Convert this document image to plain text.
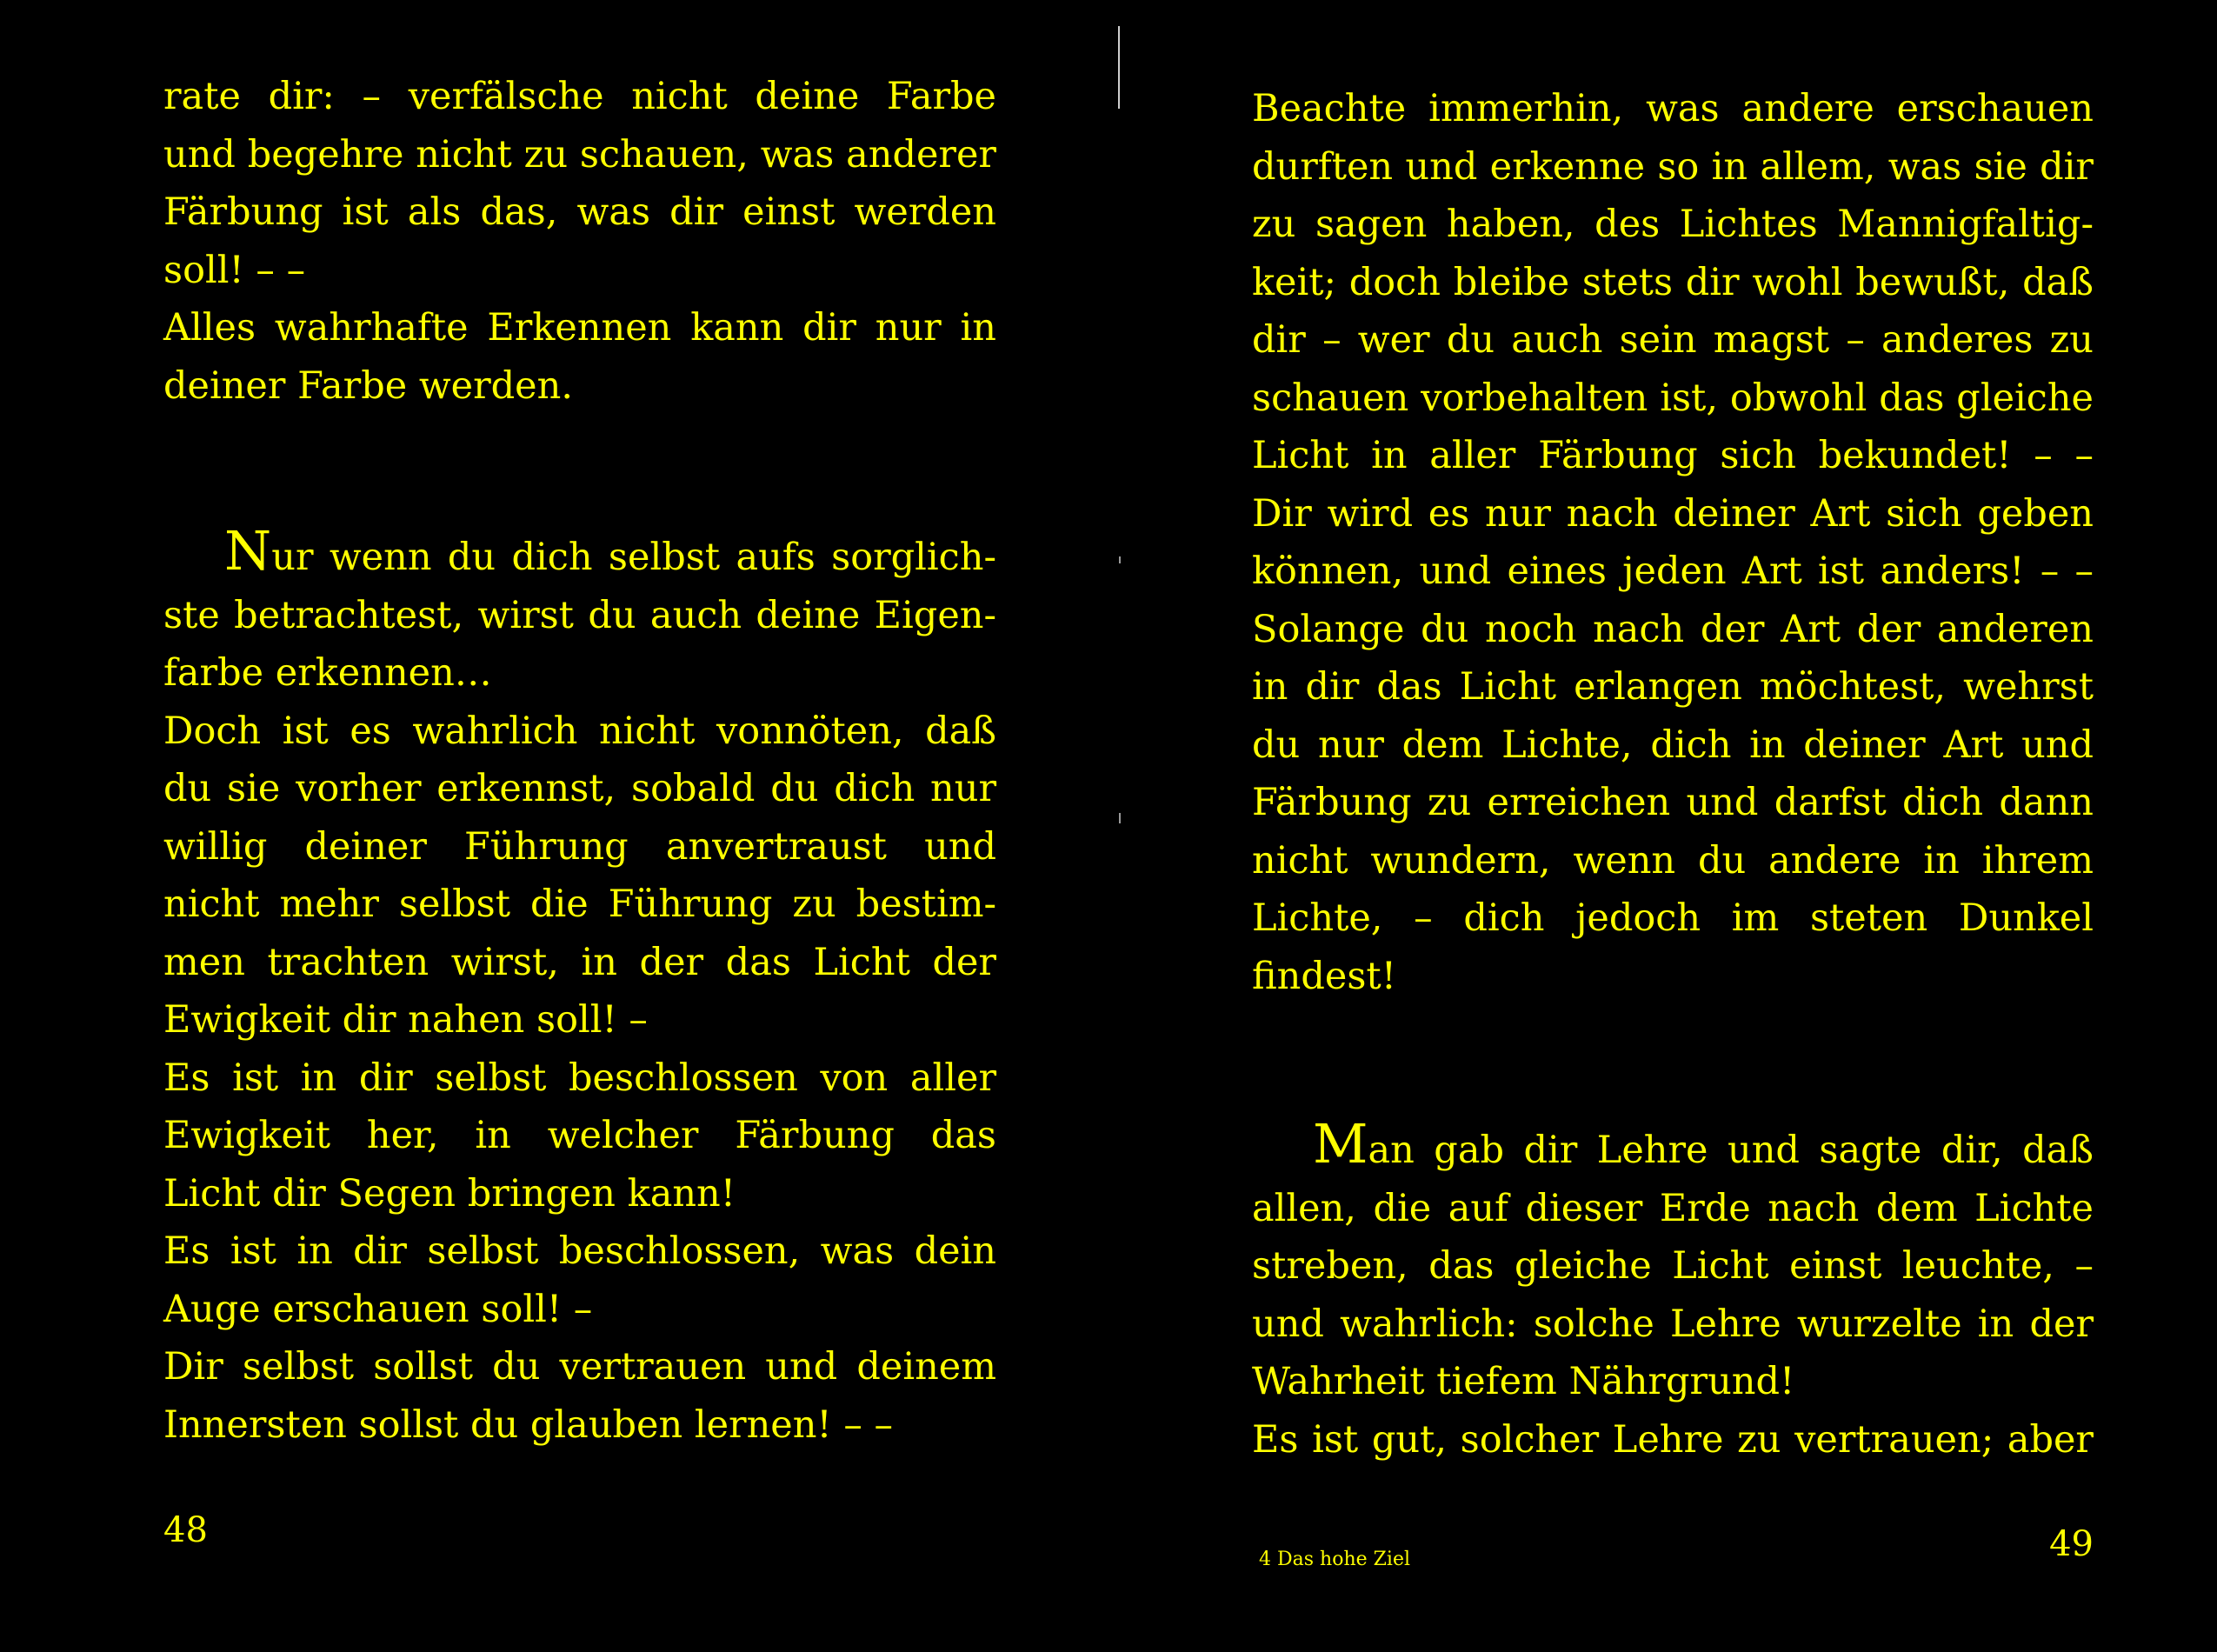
rate dir: – verfälsche nicht deine Farbe
und begehre nicht zu schauen, was anderer
Färbung ist als das, was dir einst werden
soll! – –
Alles wahrhafte Erkennen kann dir nur in
deiner Farbe werden.
Nur wenn du dich selbst aufs sorglich-
ste betrachtest, wirst du auch deine Eigen-
farbe erkennen…
Doch ist es wahrlich nicht vonnöten, daß
du sie vorher erkennst, sobald du dich nur
willig deiner Führung anvertraust und
nicht mehr selbst die Führung zu bestim-
men trachten wirst, in der das Licht der
Ewigkeit dir nahen soll! –
Es ist in dir selbst beschlossen von aller
Ewigkeit her, in welcher Färbung das
Licht dir Segen bringen kann!
Es ist in dir selbst beschlossen, was dein
Auge erschauen soll! –
Dir selbst sollst du vertrauen und deinem
Innersten sollst du glauben lernen! – –
48
Beachte immerhin, was andere erschauen
durften und erkenne so in allem, was sie dir
zu sagen haben, des Lichtes Mannigfaltig-
keit; doch bleibe stets dir wohl bewußt, daß
dir – wer du auch sein magst – anderes zu
schauen vorbehalten ist, obwohl das gleiche
Licht in aller Färbung sich bekundet! – –
Dir wird es nur nach deiner Art sich geben
können, und eines jeden Art ist anders! – –
Solange du noch nach der Art der anderen
in dir das Licht erlangen möchtest, wehrst
du nur dem Lichte, dich in deiner Art und
Färbung zu erreichen und darfst dich dann
nicht wundern, wenn du andere in ihrem
Lichte, – dich jedoch im steten Dunkel
findest!
Man gab dir Lehre und sagte dir, daß
allen, die auf dieser Erde nach dem Lichte
streben, das gleiche Licht einst leuchte, –
und wahrlich: solche Lehre wurzelte in der
Wahrheit tiefem Nährgrund!
Es ist gut, solcher Lehre zu vertrauen; aber
4 Das hohe Ziel	49
